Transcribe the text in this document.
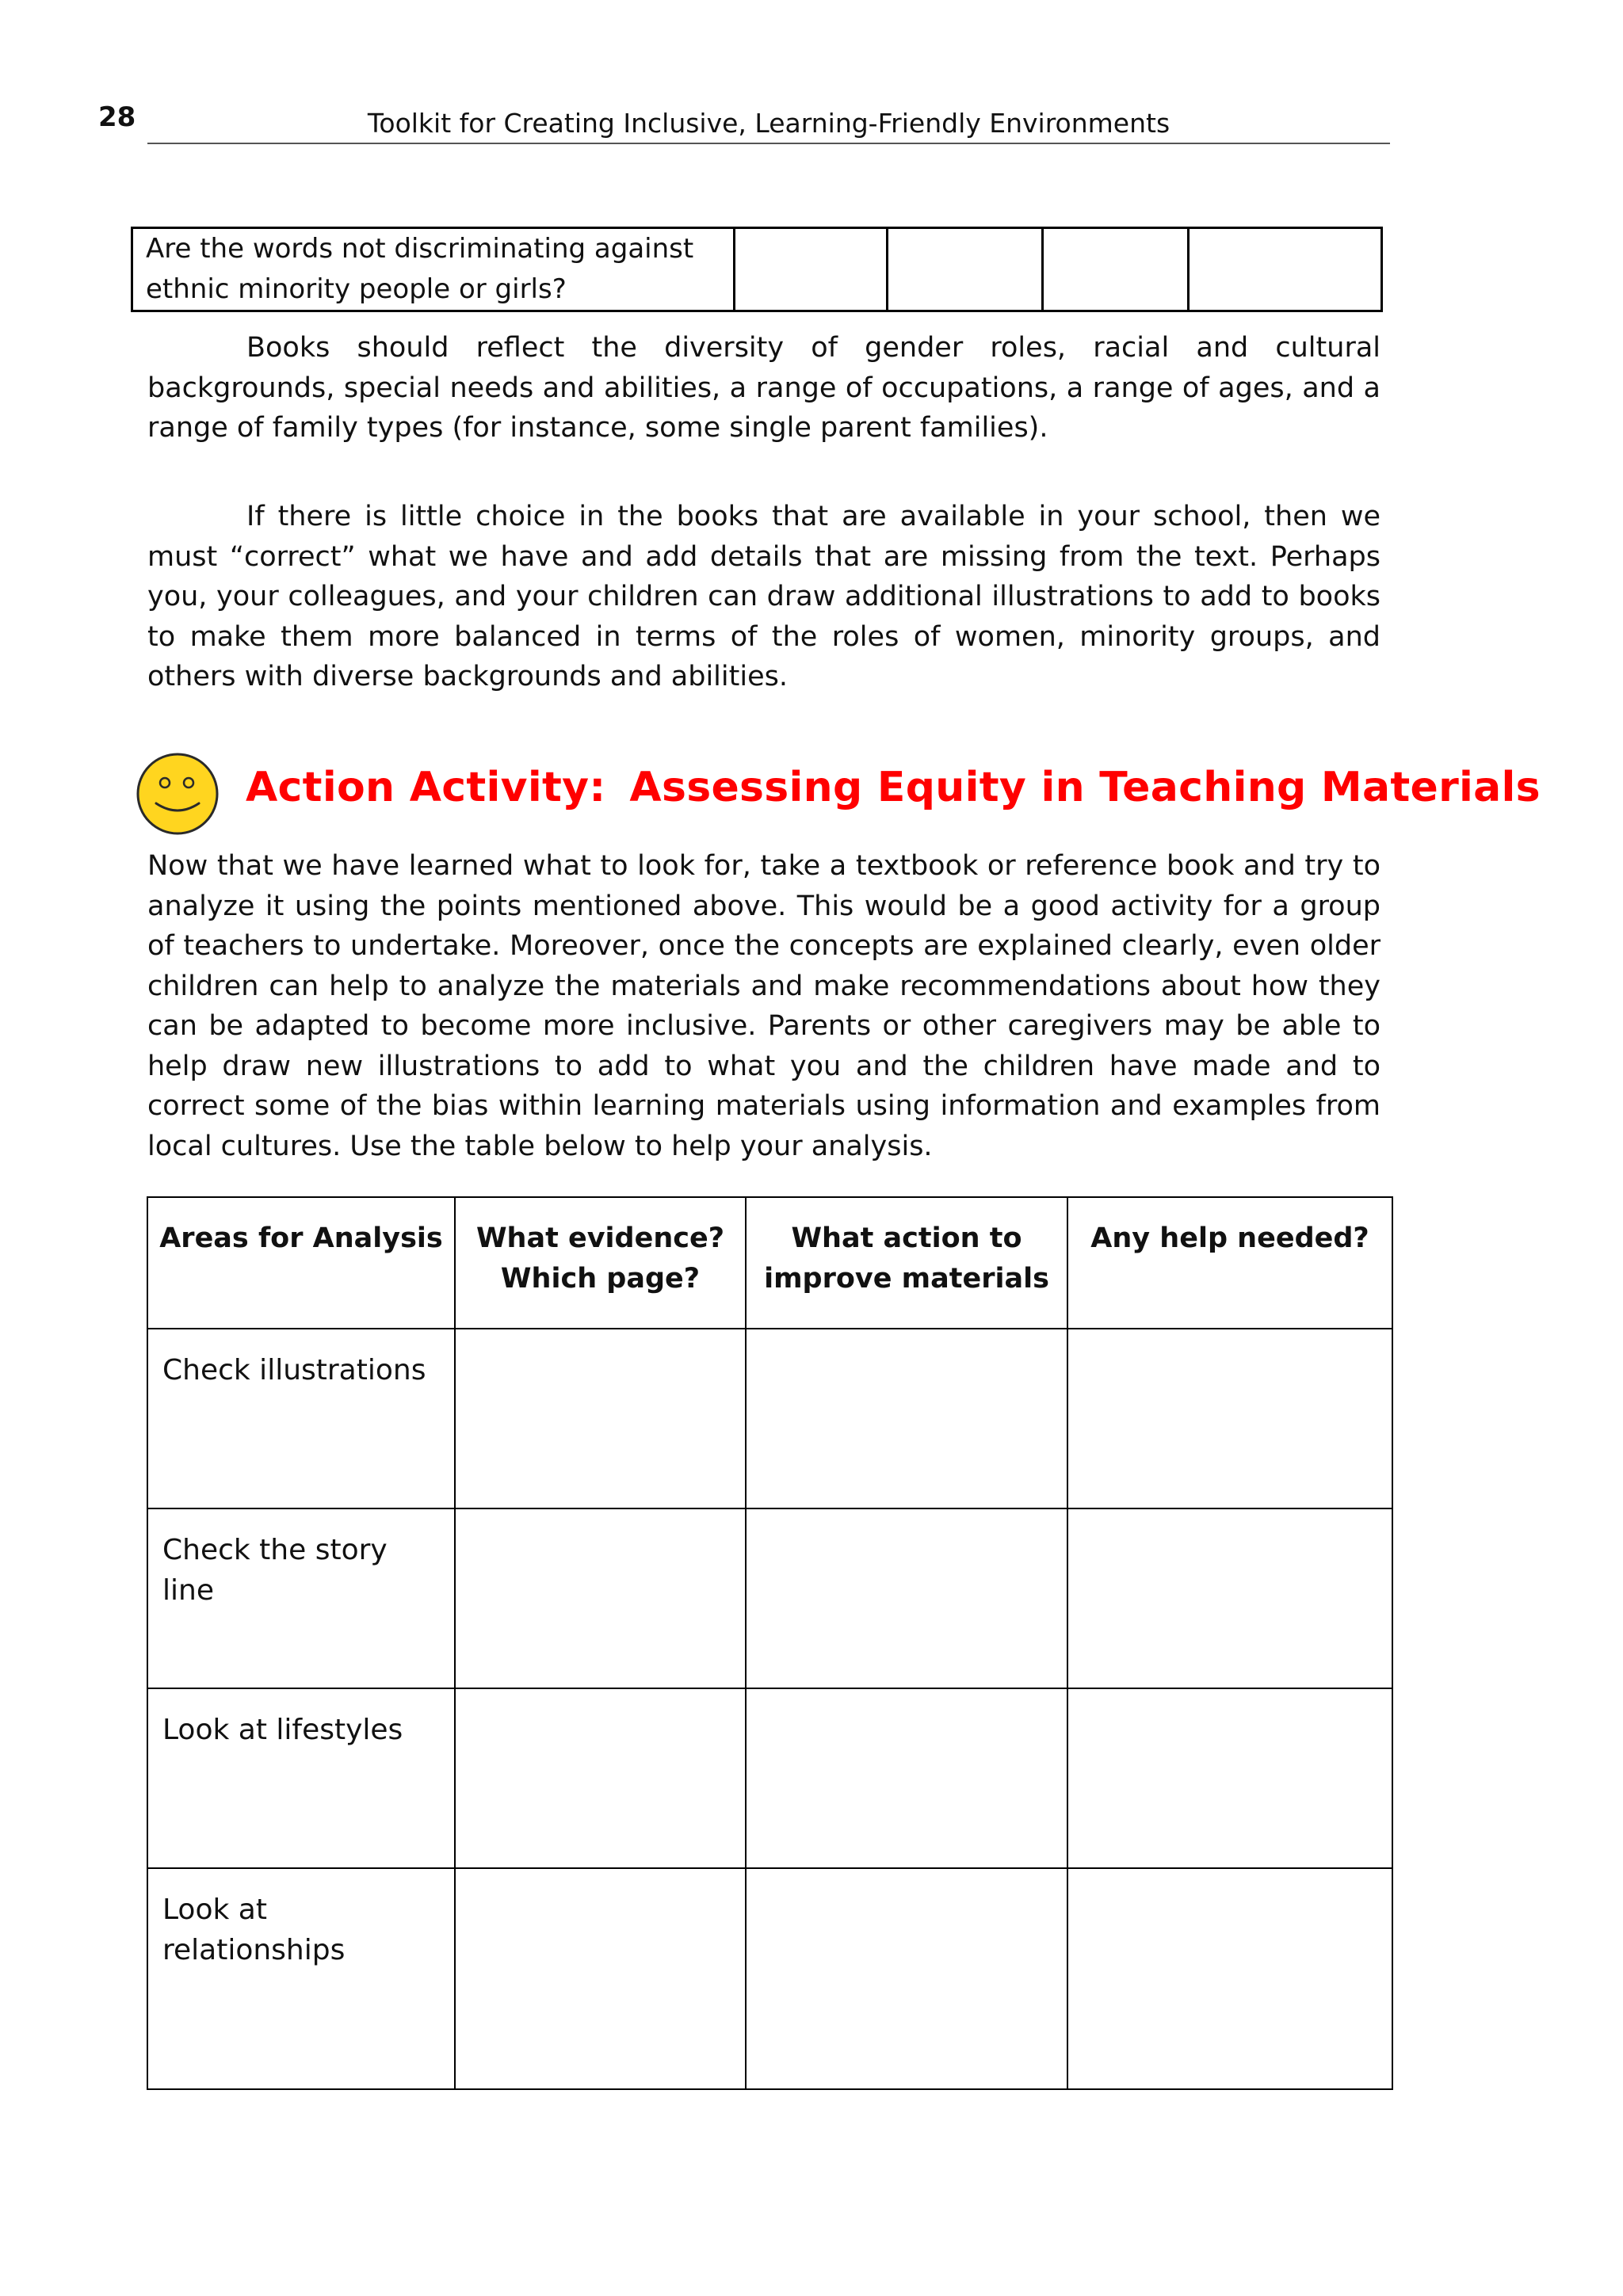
28	Toolkit for Creating Inclusive, Learning-Friendly Environments
Are the words not discriminating against ethnic minority people or girls?				

Books should reflect the diversity of gender roles, racial and cultural backgrounds, special needs and abilities, a range of occupations, a range of ages, and a range of family types (for instance, some single parent families).

If there is little choice in the books that are available in your school, then we must “correct” what we have and add details that are missing from the text. Perhaps you, your colleagues, and your children can draw additional illustrations to add to books to make them more balanced in terms of the roles of women, minority groups, and others with diverse backgrounds and abilities.

Action Activity: Assessing Equity in Teaching Materials

Now that we have learned what to look for, take a textbook or reference book and try to analyze it using the points mentioned above. This would be a good activity for a group of teachers to undertake. Moreover, once the concepts are explained clearly, even older children can help to analyze the materials and make recommendations about how they can be adapted to become more inclusive. Parents or other caregivers may be able to help draw new illustrations to add to what you and the children have made and to correct some of the bias within learning materials using information and examples from local cultures. Use the table below to help your analysis.

Areas for Analysis	What evidence? Which page?	What action to improve materials	Any help needed?
Check illustrations			
Check the story line			
Look at lifestyles			
Look at relationships			
